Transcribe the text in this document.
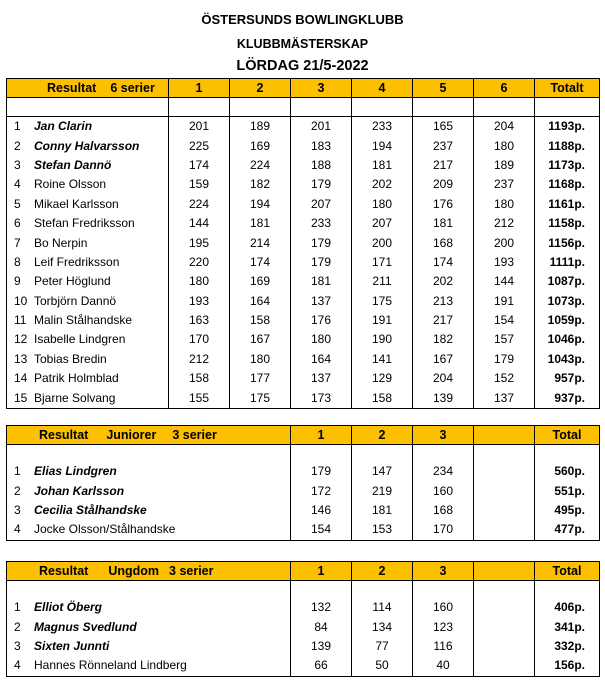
ÖSTERSUNDS BOWLINGKLUBB
KLUBBMÄSTERSKAP
LÖRDAG 21/5-2022
Resultat 6 serier	1	2	3	4	5	6	Totalt

1 Jan Clarin	201	189	201	233	165	204	1193p.
2 Conny Halvarsson	225	169	183	194	237	180	1188p.
3 Stefan Dannö	174	224	188	181	217	189	1173p.
4 Roine Olsson	159	182	179	202	209	237	1168p.
5 Mikael Karlsson	224	194	207	180	176	180	1161p.
6 Stefan Fredriksson	144	181	233	207	181	212	1158p.
7 Bo Nerpin	195	214	179	200	168	200	1156p.
8 Leif Fredriksson	220	174	179	171	174	193	1111p.
9 Peter Höglund	180	169	181	211	202	144	1087p.
10 Torbjörn Dannö	193	164	137	175	213	191	1073p.
11 Malin Stålhandske	163	158	176	191	217	154	1059p.
12 Isabelle Lindgren	170	167	180	190	182	157	1046p.
13 Tobias Bredin	212	180	164	141	167	179	1043p.
14 Patrik Holmblad	158	177	137	129	204	152	957p.
15 Bjarne Solvang	155	175	173	158	139	137	937p.
Resultat Juniorer 3 serier	1	2	3		Total

1 Elias Lindgren	179	147	234		560p.
2 Johan Karlsson	172	219	160		551p.
3 Cecilia Stålhandske	146	181	168		495p.
4 Jocke Olsson/Stålhandske	154	153	170		477p.
Resultat Ungdom 3 serier	1	2	3		Total

1 Elliot Öberg	132	114	160		406p.
2 Magnus Svedlund	84	134	123		341p.
3 Sixten Junnti	139	77	116		332p.
4 Hannes Rönneland Lindberg	66	50	40		156p.
